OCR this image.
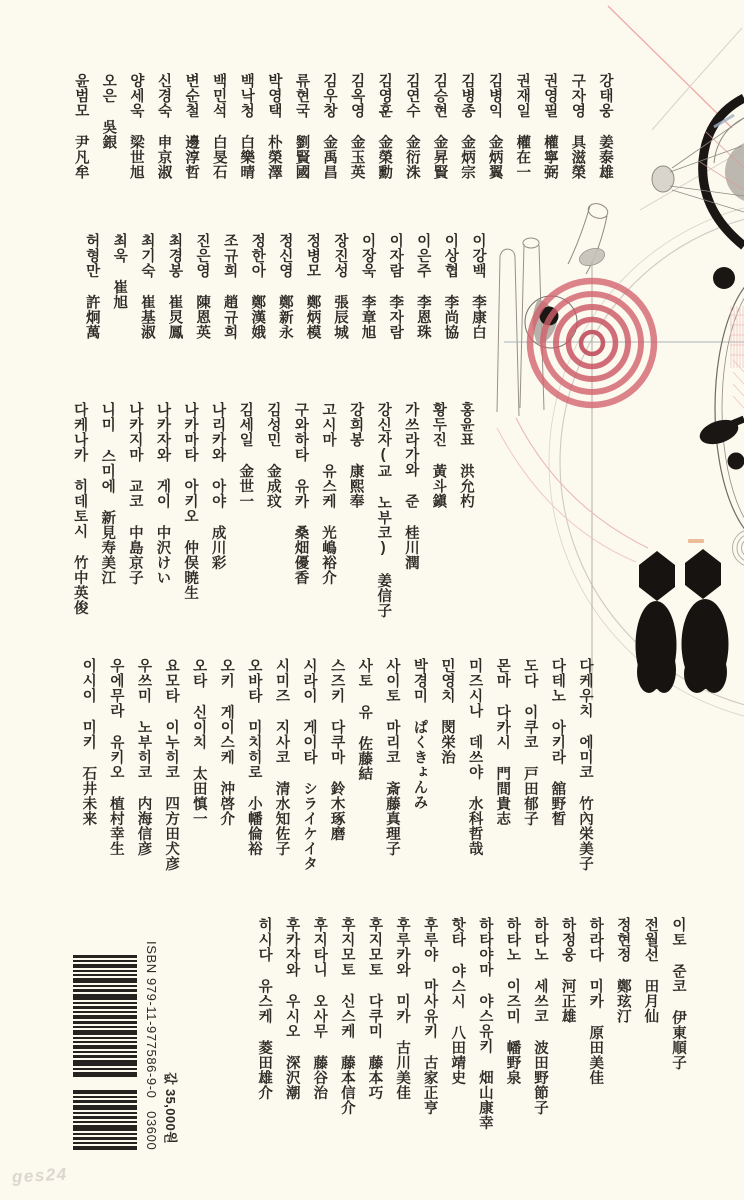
강태웅 姜泰雄
구자영 具滋榮
권영필 權寧弼
권재일 權在一
김병익 金炳翼
김병종 金炳宗
김승현 金昇賢
김연수 金衍洙
김영훈 金榮勳
김옥영 金玉英
김우창 金禹昌
류현국 劉賢國
박영택 朴榮澤
백낙청 白樂晴
백민석 白旻石
변순철 邊淳哲
신경숙 申京淑
양세욱 梁世旭
오은 吳銀
윤범모 尹凡牟
이강백 李康白
이상협 李尚協
이은주 李恩珠
이자람 李자람
이장욱 李章旭
장진성 張辰城
정병모 鄭炳模
정신영 鄭新永
정한아 鄭漢娥
조규희 趙규희
진은영 陳恩英
최경봉 崔炅鳳
최기숙 崔基淑
최욱 崔旭
허형만 許炯萬
홍윤표 洪允杓
황두진 黃斗鎭
가쓰라가와 준 桂川潤
강신자(교 노부코) 姜信子
강희봉 康熙奉
고시마 유스케 光嶋裕介
구와하타 유카 桑畑優香
김성민 金成玟
김세일 金世一
나리카와 아야 成川彩
나카마타 아키오 仲俣暁生
나카자와 게이 中沢けい
나카지마 교코 中島京子
니미 스미에 新見寿美江
다케나카 히데토시 竹中英俊
다케우치 에미코 竹內栄美子
다테노 아키라 舘野晳
도다 이쿠코 戸田郁子
몬마 다카시 門間貴志
미즈시나 데쓰야 水科哲哉
민영치 閔栄治
박경미 ぱくきょんみ
사이토 마리코 斎藤真理子
사토 유 佐藤結
스즈키 다쿠마 鈴木琢磨
시라이 게이타 シライケイタ
시미즈 지사코 清水知佐子
오바타 미치히로 小幡倫裕
오키 게이스케 沖啓介
오타 신이치 太田慎一
요모타 이누히코 四方田犬彦
우쓰미 노부히코 内海信彦
우에무라 유키오 植村幸生
이시이 미키 石井未来
이토 준코 伊東順子
전월선 田月仙
정현정 鄭玹汀
하라다 미카 原田美佳
하정웅 河正雄
하타노 세쓰코 波田野節子
하타노 이즈미 幡野泉
하타야마 야스유키 畑山康幸
핫타 야스시 八田靖史
후루야 마사유키 古家正亨
후루카와 미카 古川美佳
후지모토 다쿠미 藤本巧
후지모토 신스케 藤本信介
후지타니 오사무 藤谷治
후카자와 우시오 深沢潮
히시다 유스케 菱田雄介
ISBN 979-11-977586-9-0   03600 값 35,000원
ges24
